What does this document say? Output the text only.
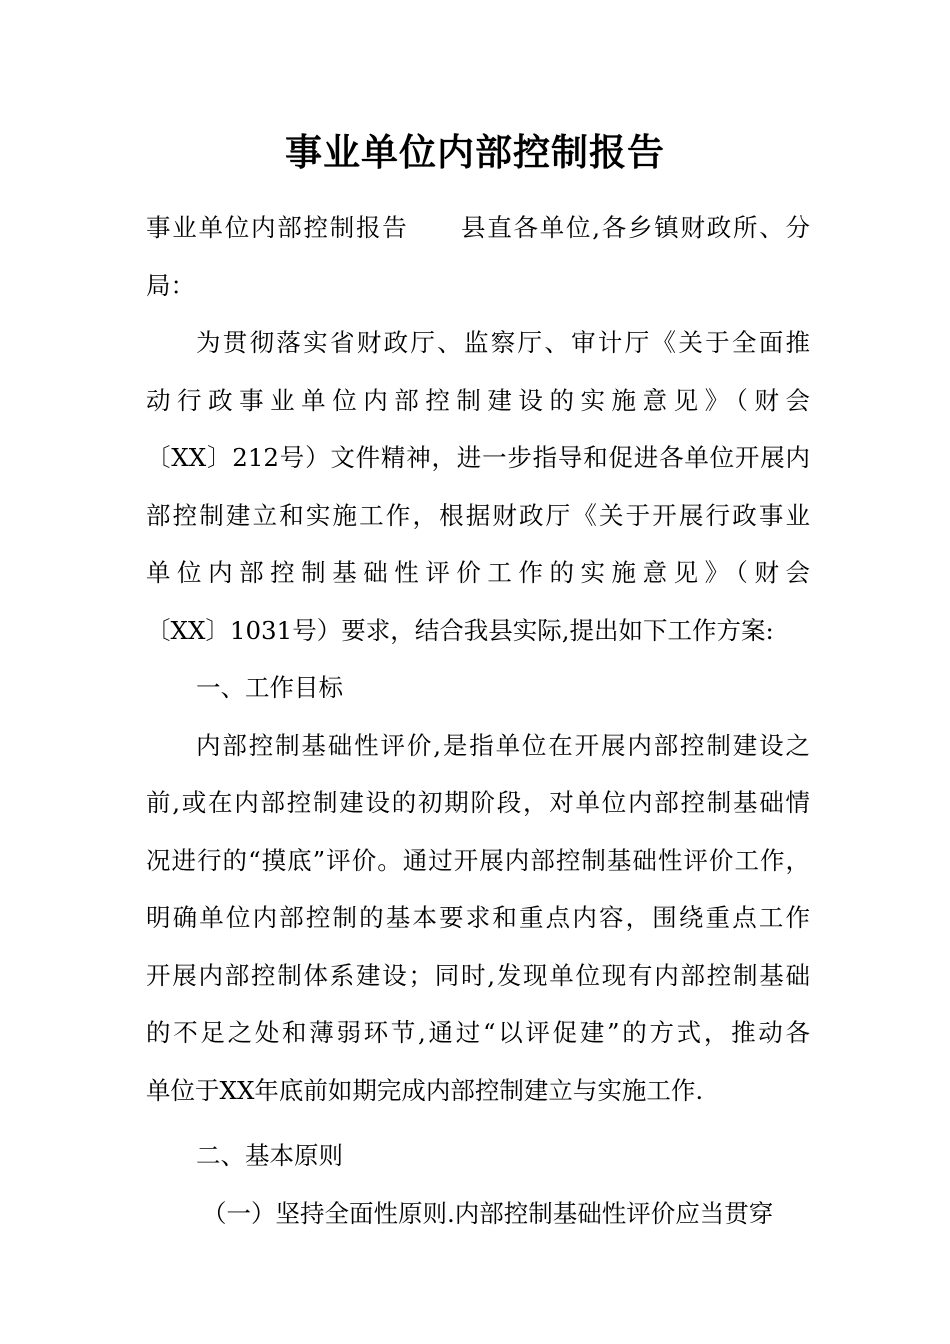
事业单位内部控制报告
事业单位内部控制报告　　县直各单位,各乡镇财政所、分
局：
为贯彻落实省财政厅、监察厅、审计厅《关于全面推
动行政事业单位内部控制建设的实施意见》（财会
〔XX〕212号）文件精神，进一步指导和促进各单位开展内
部控制建立和实施工作，根据财政厅《关于开展行政事业
单位内部控制基础性评价工作的实施意见》（财会
〔XX〕1031号）要求，结合我县实际,提出如下工作方案:
一、工作目标
内部控制基础性评价,是指单位在开展内部控制建设之
前,或在内部控制建设的初期阶段，对单位内部控制基础情
况进行的“摸底”评价。通过开展内部控制基础性评价工作，
明确单位内部控制的基本要求和重点内容，围绕重点工作
开展内部控制体系建设；同时,发现单位现有内部控制基础
的不足之处和薄弱环节,通过“以评促建”的方式，推动各
单位于XX年底前如期完成内部控制建立与实施工作.
二、基本原则
（一）坚持全面性原则.内部控制基础性评价应当贯穿
